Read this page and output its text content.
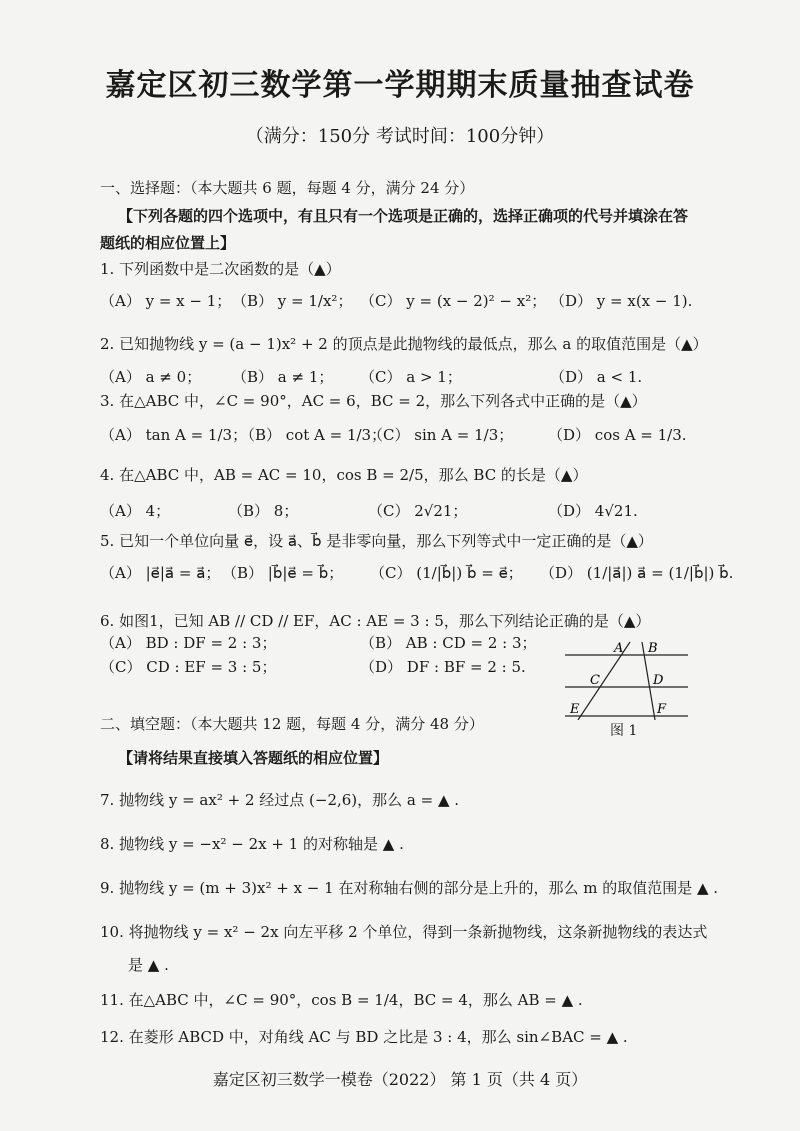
嘉定区初三数学第一学期期末质量抽查试卷
（满分：150分 考试时间：100分钟）
一、选择题：（本大题共 6 题，每题 4 分，满分 24 分）
【下列各题的四个选项中，有且只有一个选项是正确的，选择正确项的代号并填涂在答
题纸的相应位置上】
1. 下列函数中是二次函数的是（▲）
（A） y = x − 1； （B） y = 1/x²； （C） y = (x − 2)² − x²； （D） y = x(x − 1).
2. 已知抛物线 y = (a − 1)x² + 2 的顶点是此抛物线的最低点，那么 a 的取值范围是（▲）
（A） a ≠ 0； （B） a ≠ 1； （C） a > 1；	（D） a < 1.
3. 在△ABC 中，∠C = 90°，AC = 6，BC = 2，那么下列各式中正确的是（▲）
（A） tan A = 1/3；
（B） cot A = 1/3；
（C） sin A = 1/3； （D） cos A = 1/3.
4. 在△ABC 中，AB = AC = 10，cos B = 2/5，那么 BC 的长是（▲）
（A） 4；	（B） 8；	（C） 2√21；	（D） 4√21.
5. 已知一个单位向量 e⃗，设 a⃗、b⃗ 是非零向量，那么下列等式中一定正确的是（▲）
（A） |e⃗|a⃗ = a⃗； （B） |b⃗|e⃗ = b⃗； （C） (1/|b⃗|) b⃗ = e⃗； （D） (1/|a⃗|) a⃗ = (1/|b⃗|) b⃗.
6. 如图1，已知 AB // CD // EF，AC : AE = 3 : 5，那么下列结论正确的是（▲）
（A） BD : DF = 2 : 3；	（B） AB : CD = 2 : 3；
（C） CD : EF = 3 : 5；	（D） DF : BF = 2 : 5.
A B
C	D
E	F
图 1
二、填空题：（本大题共 12 题，每题 4 分，满分 48 分）
【请将结果直接填入答题纸的相应位置】
7. 抛物线 y = ax² + 2 经过点 (−2,6)，那么 a = ▲ .
8. 抛物线 y = −x² − 2x + 1 的对称轴是 ▲ .
9. 抛物线 y = (m + 3)x² + x − 1 在对称轴右侧的部分是上升的，那么 m 的取值范围是 ▲ .
10. 将抛物线 y = x² − 2x 向左平移 2 个单位，得到一条新抛物线，这条新抛物线的表达式
是 ▲ .
11. 在△ABC 中，∠C = 90°，cos B = 1/4，BC = 4，那么 AB = ▲ .
12. 在菱形 ABCD 中，对角线 AC 与 BD 之比是 3 : 4，那么 sin∠BAC = ▲ .
嘉定区初三数学一模卷（2022） 第 1 页（共 4 页）
